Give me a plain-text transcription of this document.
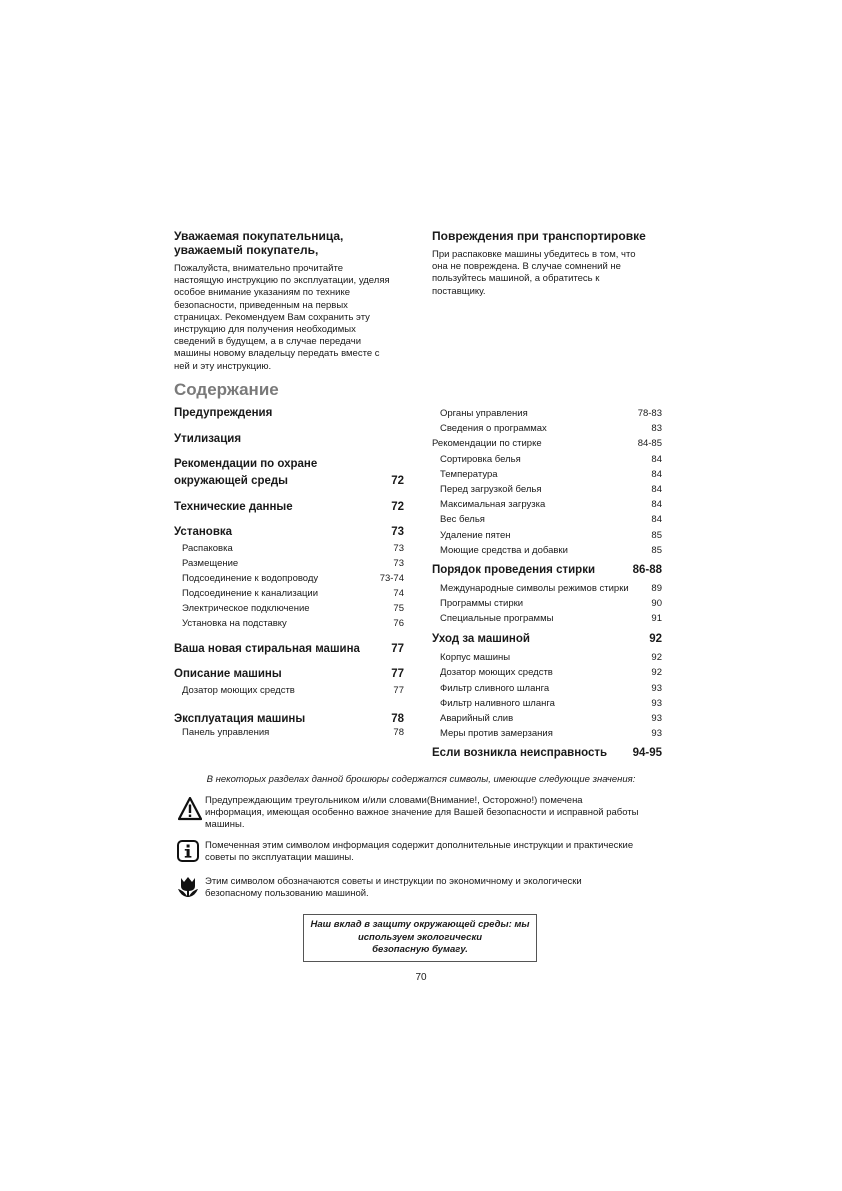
Уважаемая покупательница,
уважаемый покупатель,
Пожалуйста, внимательно прочитайте
настоящую инструкцию по эксплуатации, уделяя
особое внимание указаниям по технике
безопасности, приведенным на первых
страницах. Рекомендуем Вам сохранить эту
инструкцию для получения необходимых
сведений в будущем, а в случае передачи
машины новому владельцу передать вместе с
ней и эту инструкцию.
Повреждения при транспортировке
При распаковке машины убедитесь в том, что
она не повреждена. В случае сомнений не
пользуйтесь машиной, а обратитесь к
поставщику.
Содержание
Предупреждения
Утилизация
Рекомендации по охране
окружающей среды	72
Технические данные	72
Установка	73
Распаковка	73
Размещение	73
Подсоединение к водопроводу	73-74
Подсоединение к канализации	74
Электрическое подключение	75
Установка на подставку	76
Ваша новая стиральная машина	77
Описание машины	77
Дозатор моющих средств	77
Эксплуатация машины	78
Панель управления	78
Органы управления	78-83
Сведения о программах	83
Рекомендации по стирке	84-85
Сортировка белья	84
Температура	84
Перед загрузкой белья	84
Максимальная загрузка	84
Вес белья	84
Удаление пятен	85
Моющие средства и добавки	85
Порядок проведения стирки	86-88
Международные символы режимов стирки 89
Программы стирки	90
Специальные программы	91
Уход за машиной	92
Корпус машины	92
Дозатор моющих средств	92
Фильтр сливного шланга	93
Фильтр наливного шланга	93
Аварийный слив	93
Меры против замерзания	93
Если возникла неисправность 94-95
В некоторых разделах данной брошюры содержатся символы, имеющие следующие значения:
Предупреждающим треугольником и/или словами(Внимание!, Осторожно!) помечена
информация, имеющая особенно важное значение для Вашей безопасности и исправной работы
машины.
Помеченная этим символом информация содержит дополнительные инструкции и практические
советы по эксплуатации машины.
Этим символом обозначаются советы и инструкции по экономичному и экологически
безопасному пользованию машиной.
Наш вклад в защиту окружающей среды: мы
используем экологически
безопасную бумагу.
70
